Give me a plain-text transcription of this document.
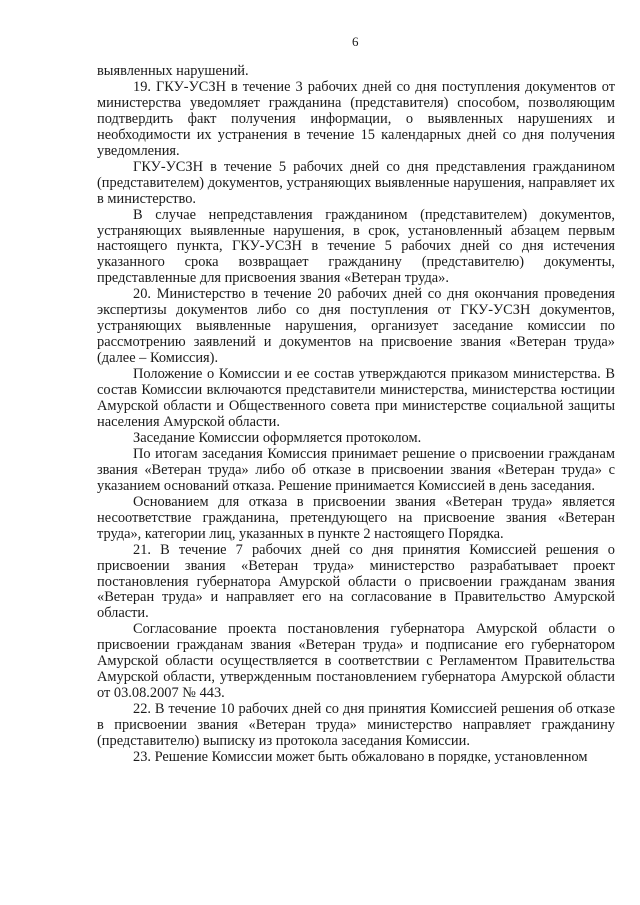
6

выявленных нарушений.

19. ГКУ-УСЗН в течение 3 рабочих дней со дня поступления документов от министерства уведомляет гражданина (представителя) способом, позволяющим подтвердить факт получения информации, о выявленных нарушениях и необходимости их устранения в течение 15 календарных дней со дня получения уведомления.

ГКУ-УСЗН в течение 5 рабочих дней со дня представления гражданином (представителем) документов, устраняющих выявленные нарушения, направляет их в министерство.

В случае непредставления гражданином (представителем) документов, устраняющих выявленные нарушения, в срок, установленный абзацем первым настоящего пункта, ГКУ-УСЗН в течение 5 рабочих дней со дня истечения указанного срока возвращает гражданину (представителю) документы, представленные для присвоения звания «Ветеран труда».

20. Министерство в течение 20 рабочих дней со дня окончания проведения экспертизы документов либо со дня поступления от ГКУ-УСЗН документов, устраняющих выявленные нарушения, организует заседание комиссии по рассмотрению заявлений и документов на присвоение звания «Ветеран труда» (далее – Комиссия).

Положение о Комиссии и ее состав утверждаются приказом министерства. В состав Комиссии включаются представители министерства, министерства юстиции Амурской области и Общественного совета при министерстве социальной защиты населения Амурской области.

Заседание Комиссии оформляется протоколом.

По итогам заседания Комиссия принимает решение о присвоении гражданам звания «Ветеран труда» либо об отказе в присвоении звания «Ветеран труда» с указанием оснований отказа. Решение принимается Комиссией в день заседания.

Основанием для отказа в присвоении звания «Ветеран труда» является несоответствие гражданина, претендующего на присвоение звания «Ветеран труда», категории лиц, указанных в пункте 2 настоящего Порядка.

21. В течение 7 рабочих дней со дня принятия Комиссией решения о присвоении звания «Ветеран труда» министерство разрабатывает проект постановления губернатора Амурской области о присвоении гражданам звания «Ветеран труда» и направляет его на согласование в Правительство Амурской области.

Согласование проекта постановления губернатора Амурской области о присвоении гражданам звания «Ветеран труда» и подписание его губернатором Амурской области осуществляется в соответствии с Регламентом Правительства Амурской области, утвержденным постановлением губернатора Амурской области от 03.08.2007 № 443.

22. В течение 10 рабочих дней со дня принятия Комиссией решения об отказе в присвоении звания «Ветеран труда» министерство направляет гражданину (представителю) выписку из протокола заседания Комиссии.

23. Решение Комиссии может быть обжаловано в порядке, установленном
